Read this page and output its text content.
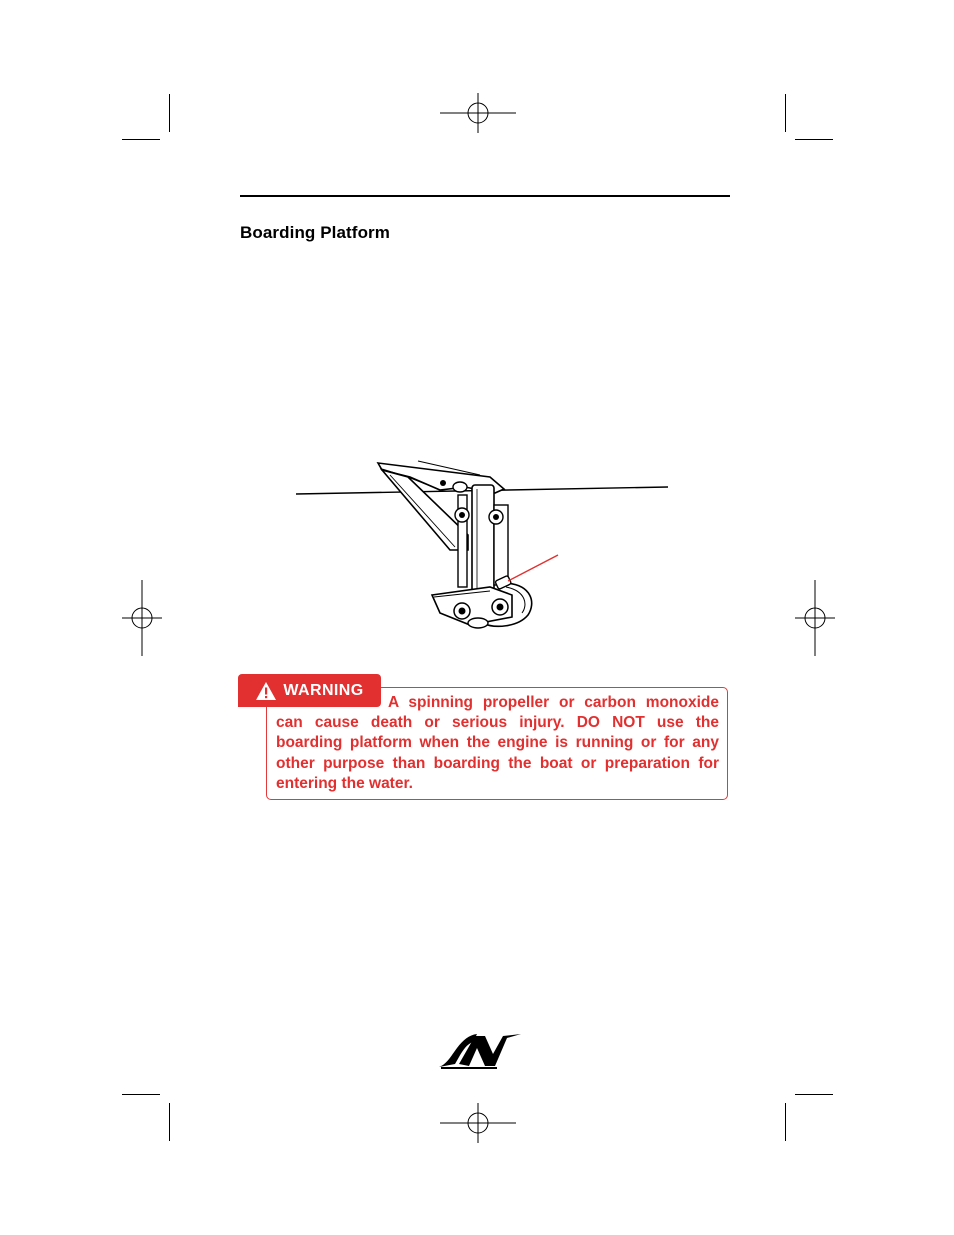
Boarding Platform
A spinning propeller or carbon monoxide can cause death or serious injury. DO NOT use the boarding platform when the engine is running or for any other purpose than boarding the boat or preparation for entering the water.
WARNING
